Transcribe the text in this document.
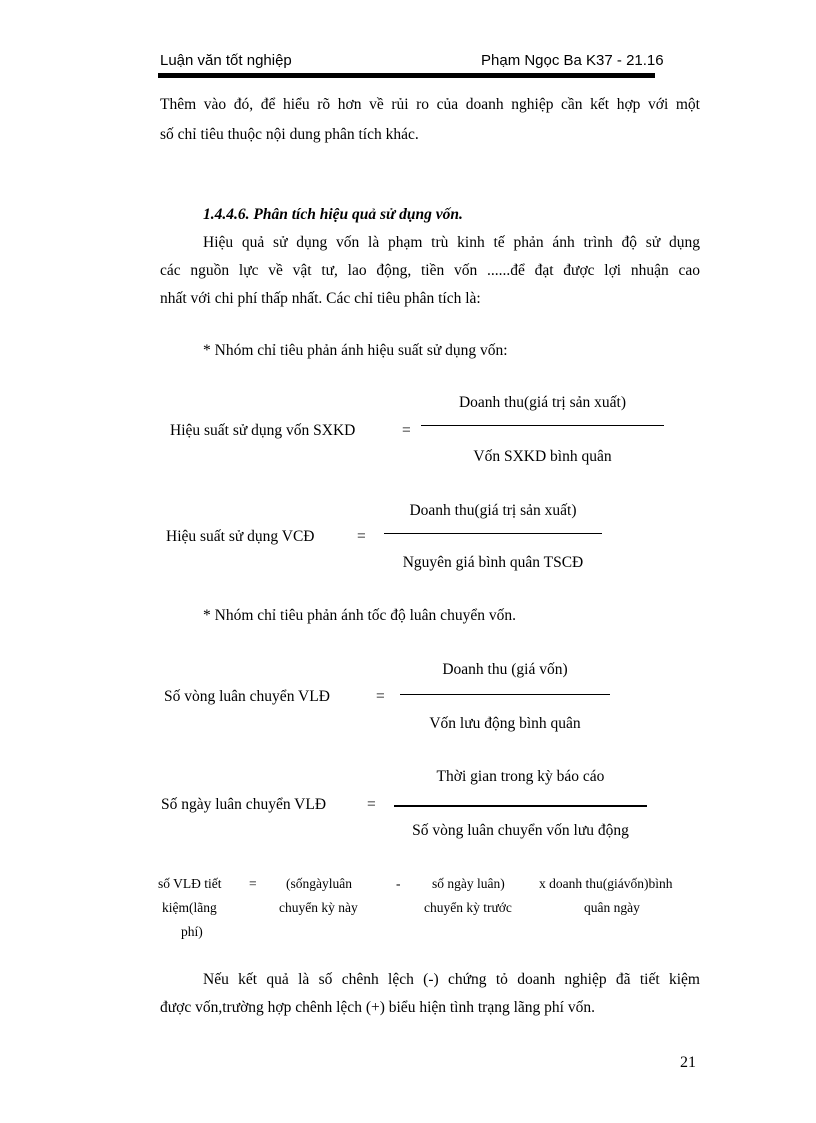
Luận văn tốt nghiệp	Phạm Ngọc Ba K37 - 21.16
Thêm vào đó, để hiểu rõ hơn về rủi ro của doanh nghiệp cần kết hợp với một
số chỉ tiêu thuộc nội dung phân tích khác.
1.4.4.6. Phân tích hiệu quả sử dụng vốn.
Hiệu quả sử dụng vốn là phạm trù kinh tế phản ánh trình độ sử dụng
các nguồn lực về vật tư, lao động, tiền vốn ......để đạt được lợi nhuận cao
nhất với chi phí thấp nhất. Các chỉ tiêu phân tích là:
* Nhóm chỉ tiêu phản ánh hiệu suất sử dụng vốn:
Hiệu suất sử dụng vốn SXKD	=
Doanh thu(giá trị sản xuất)
Vốn SXKD bình quân
Hiệu suất sử dụng VCĐ	=
Doanh thu(giá trị sản xuất)
Nguyên giá bình quân TSCĐ
* Nhóm chỉ tiêu phản ánh tốc độ luân chuyển vốn.
Số vòng luân chuyển VLĐ	=
Doanh thu (giá vốn)
Vốn lưu động bình quân
Số ngày luân chuyển VLĐ	=
Thời gian trong kỳ báo cáo
Số vòng luân chuyển vốn lưu động
số VLĐ tiết
kiệm(lãng
phí)
= (sốngàyluân
chuyển kỳ này
- số ngày luân)
chuyển kỳ trước
x doanh thu(giávốn)bình
quân ngày
Nếu kết quả là số chênh lệch (-) chứng tỏ doanh nghiệp đã tiết kiệm
được vốn,trường hợp chênh lệch (+) biểu hiện tình trạng lãng phí vốn.
21
